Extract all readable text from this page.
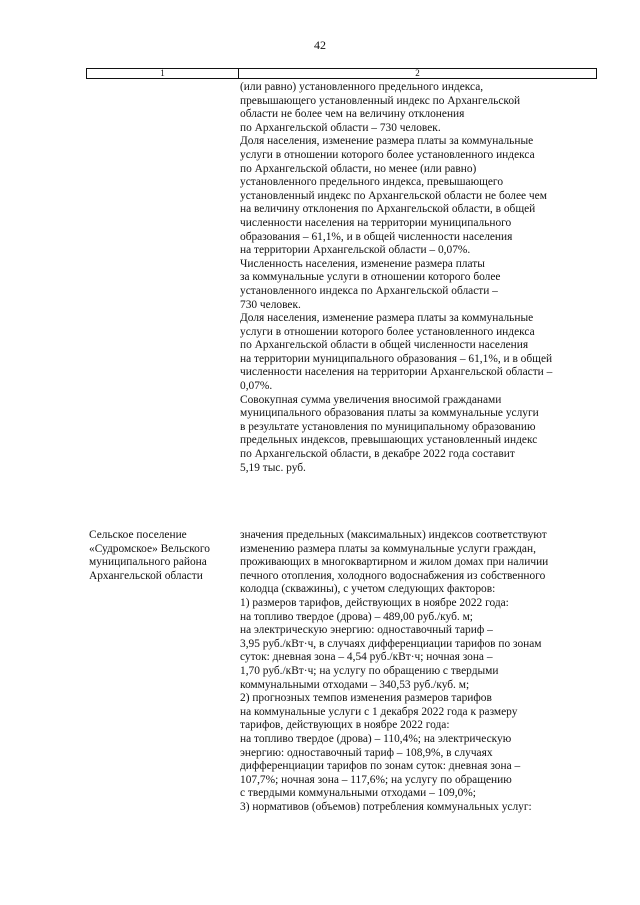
42
1	2
(или равно) установленного предельного индекса,
превышающего установленный индекс по Архангельской
области не более чем на величину отклонения
по Архангельской области – 730 человек.
Доля населения, изменение размера платы за коммунальные
услуги в отношении которого более установленного индекса
по Архангельской области, но менее (или равно)
установленного предельного индекса, превышающего
установленный индекс по Архангельской области не более чем
на величину отклонения по Архангельской области, в общей
численности населения на территории муниципального
образования – 61,1%, и в общей численности населения
на территории Архангельской области – 0,07%.
Численность населения, изменение размера платы
за коммунальные услуги в отношении которого более
установленного индекса по Архангельской области –
730 человек.
Доля населения, изменение размера платы за коммунальные
услуги в отношении которого более установленного индекса
по Архангельской области в общей численности населения
на территории муниципального образования – 61,1%, и в общей
численности населения на территории Архангельской области –
0,07%.
Совокупная сумма увеличения вносимой гражданами
муниципального образования платы за коммунальные услуги
в результате установления по муниципальному образованию
предельных индексов, превышающих установленный индекс
по Архангельской области, в декабре 2022 года составит
5,19 тыс. руб.
Сельское поселение
«Судромское» Вельского
муниципального района
Архангельской области
значения предельных (максимальных) индексов соответствуют
изменению размера платы за коммунальные услуги граждан,
проживающих в многоквартирном и жилом домах при наличии
печного отопления, холодного водоснабжения из собственного
колодца (скважины), с учетом следующих факторов:
1) размеров тарифов, действующих в ноябре 2022 года:
на топливо твердое (дрова) – 489,00 руб./куб. м;
на электрическую энергию: одноставочный тариф –
3,95 руб./кВт·ч, в случаях дифференциации тарифов по зонам
суток: дневная зона – 4,54 руб./кВт·ч; ночная зона –
1,70 руб./кВт·ч; на услугу по обращению с твердыми
коммунальными отходами – 340,53 руб./куб. м;
2) прогнозных темпов изменения размеров тарифов
на коммунальные услуги с 1 декабря 2022 года к размеру
тарифов, действующих в ноябре 2022 года:
на топливо твердое (дрова) – 110,4%; на электрическую
энергию: одноставочный тариф – 108,9%, в случаях
дифференциации тарифов по зонам суток: дневная зона –
107,7%; ночная зона – 117,6%; на услугу по обращению
с твердыми коммунальными отходами – 109,0%;
3) нормативов (объемов) потребления коммунальных услуг:
